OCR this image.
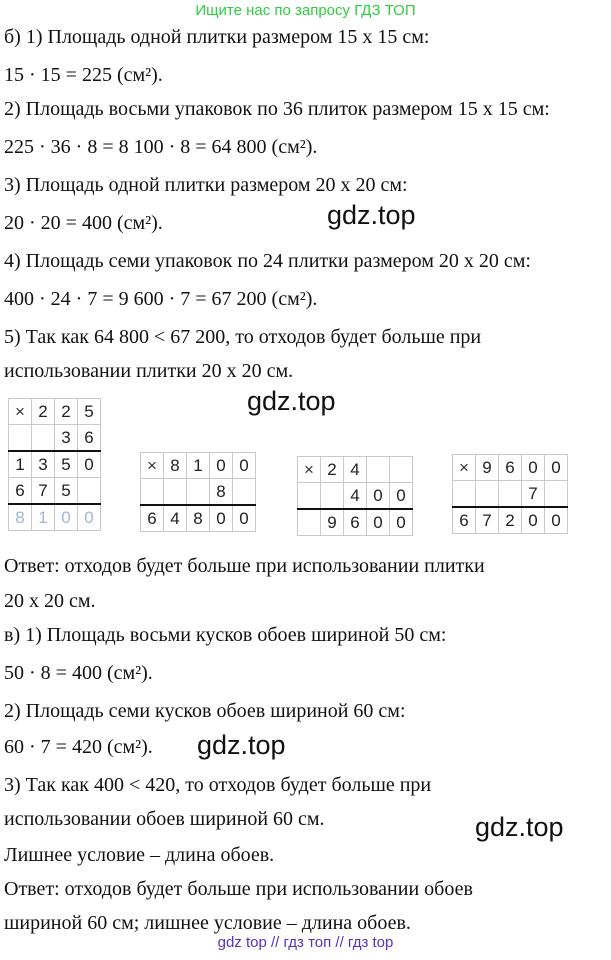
Ищите нас по запросу ГДЗ ТОП
б) 1) Площадь одной плитки размером 15 х 15 см:
15 · 15 = 225 (см²).
2) Площадь восьми упаковок по 36 плиток размером 15 х 15 см:
225 · 36 · 8 = 8 100 · 8 = 64 800 (см²).
3) Площадь одной плитки размером 20 х 20 см:
20 · 20 = 400 (см²).
4) Площадь семи упаковок по 24 плитки размером 20 х 20 см:
400 · 24 · 7 = 9 600 · 7 = 67 200 (см²).
5) Так как 64 800 < 67 200, то отходов будет больше при
использовании плитки 20 х 20 см.
gdz.top
gdz.top
×	2	2	5
		3	6
1	3	5	0
6	7	5	
8	1	0	0
×	8	1	0	0
			8	
6	4	8	0	0
×	2	4		
		4	0	0
	9	6	0	0
×	9	6	0	0
			7	
6	7	2	0	0
Ответ: отходов будет больше при использовании плитки
20 х 20 см.
в) 1) Площадь восьми кусков обоев шириной 50 см:
50 · 8 = 400 (см²).
2) Площадь семи кусков обоев шириной 60 см:
60 · 7 = 420 (см²).
3) Так как 400 < 420, то отходов будет больше при
использовании обоев шириной 60 см.
Лишнее условие – длина обоев.
Ответ: отходов будет больше при использовании обоев
шириной 60 см; лишнее условие – длина обоев.
gdz.top
gdz.top
gdz top // гдз топ // гдз top
